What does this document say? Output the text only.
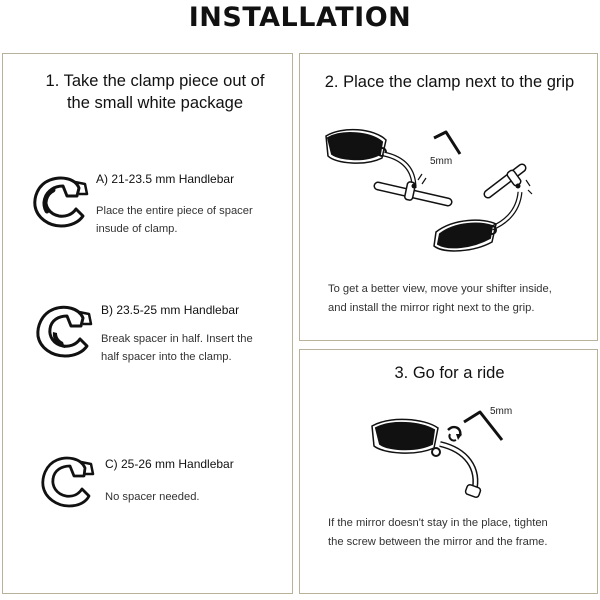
INSTALLATION
1. Take the clamp piece out of
the small white package
A) 21-23.5 mm Handlebar
Place the entire piece of spacer
insude of clamp.
B) 23.5-25 mm Handlebar
Break spacer in half. Insert the
half spacer into the clamp.
C) 25-26 mm Handlebar
No spacer needed.
2. Place the clamp next to the grip
5mm
To get a better view, move your shifter inside,
and install the mirror right next to the grip.
3. Go for a ride
5mm
If the mirror doesn't stay in the place, tighten
the screw between the mirror and the frame.
